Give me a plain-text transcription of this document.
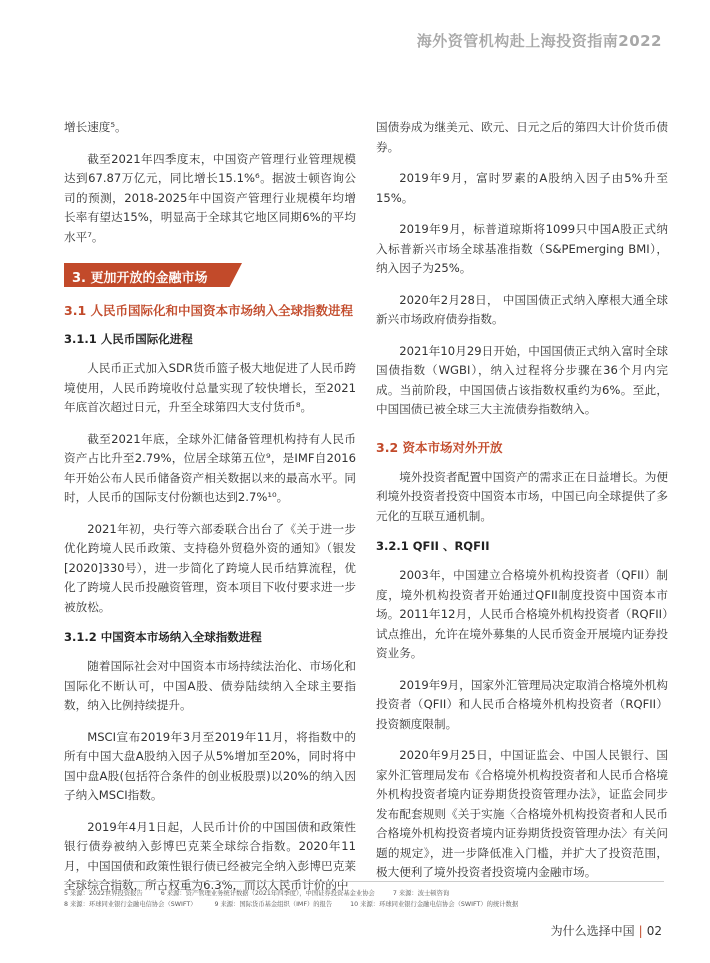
海外资管机构赴上海投资指南2022

增长速度⁵。

截至2021年四季度末，中国资产管理行业管理规模达到67.87万亿元，同比增长15.1%⁶。据波士顿咨询公司的预测，2018-2025年中国资产管理行业规模年均增长率有望达15%，明显高于全球其它地区同期6%的平均水平⁷。

3. 更加开放的金融市场
3.1 人民币国际化和中国资本市场纳入全球指数进程
3.1.1 人民币国际化进程

人民币正式加入SDR货币篮子极大地促进了人民币跨境使用，人民币跨境收付总量实现了较快增长，至2021年底首次超过日元，升至全球第四大支付货币⁸。

截至2021年底，全球外汇储备管理机构持有人民币资产占比升至2.79%，位居全球第五位⁹，是IMF自2016年开始公布人民币储备资产相关数据以来的最高水平。同时，人民币的国际支付份额也达到2.7%¹⁰。

2021年初，央行等六部委联合出台了《关于进一步优化跨境人民币政策、支持稳外贸稳外资的通知》（银发[2020]330号），进一步简化了跨境人民币结算流程，优化了跨境人民币投融资管理，资本项目下收付要求进一步被放松。

3.1.2 中国资本市场纳入全球指数进程

随着国际社会对中国资本市场持续法治化、市场化和国际化不断认可，中国A股、债券陆续纳入全球主要指数，纳入比例持续提升。

MSCI宣布2019年3月至2019年11月，将指数中的所有中国大盘A股纳入因子从5%增加至20%，同时将中国中盘A股(包括符合条件的创业板股票)以20%的纳入因子纳入MSCI指数。

2019年4月1日起，人民币计价的中国国债和政策性银行债券被纳入彭博巴克莱全球综合指数。2020年11月，中国国债和政策性银行债已经被完全纳入彭博巴克莱全球综合指数，所占权重为6.3%，而以人民币计价的中

国债券成为继美元、欧元、日元之后的第四大计价货币债券。

2019年9月，富时罗素的A股纳入因子由5%升至15%。

2019年9月，标普道琼斯将1099只中国A股正式纳入标普新兴市场全球基准指数（S&PEmerging BMI），纳入因子为25%。

2020年2月28日， 中国国债正式纳入摩根大通全球新兴市场政府债券指数。

2021年10月29日开始，中国国债正式纳入富时全球国债指数（WGBI），纳入过程将分步骤在36个月内完成。当前阶段，中国国债占该指数权重约为6%。至此，中国国债已被全球三大主流债券指数纳入。

3.2 资本市场对外开放

境外投资者配置中国资产的需求正在日益增长。为便利境外投资者投资中国资本市场，中国已向全球提供了多元化的互联互通机制。

3.2.1 QFII 、RQFII

2003年，中国建立合格境外机构投资者（QFII）制度，境外机构投资者开始通过QFII制度投资中国资本市场。2011年12月，人民币合格境外机构投资者（RQFII）试点推出，允许在境外募集的人民币资金开展境内证券投资业务。

2019年9月，国家外汇管理局决定取消合格境外机构投资者（QFII）和人民币合格境外机构投资者（RQFII）投资额度限制。

2020年9月25日，中国证监会、中国人民银行、国家外汇管理局发布《合格境外机构投资者和人民币合格境外机构投资者境内证券期货投资管理办法》，证监会同步发布配套规则《关于实施〈合格境外机构投资者和人民币合格境外机构投资者境内证券期货投资管理办法〉有关问题的规定》，进一步降低准入门槛，并扩大了投资范围，极大便利了境外投资者投资境内金融市场。

5 来源：2022世界投资报告	6 来源：资产管理业务统计数据（2021年四季度），中国证券投资基金业协会	7 来源：波士顿咨询
8 来源：环球同业银行金融电信协会（SWIFT）	9 来源：国际货币基金组织（IMF）的报告	10 来源：环球同业银行金融电信协会（SWIFT）的统计数据
为什么选择中国 | 02
